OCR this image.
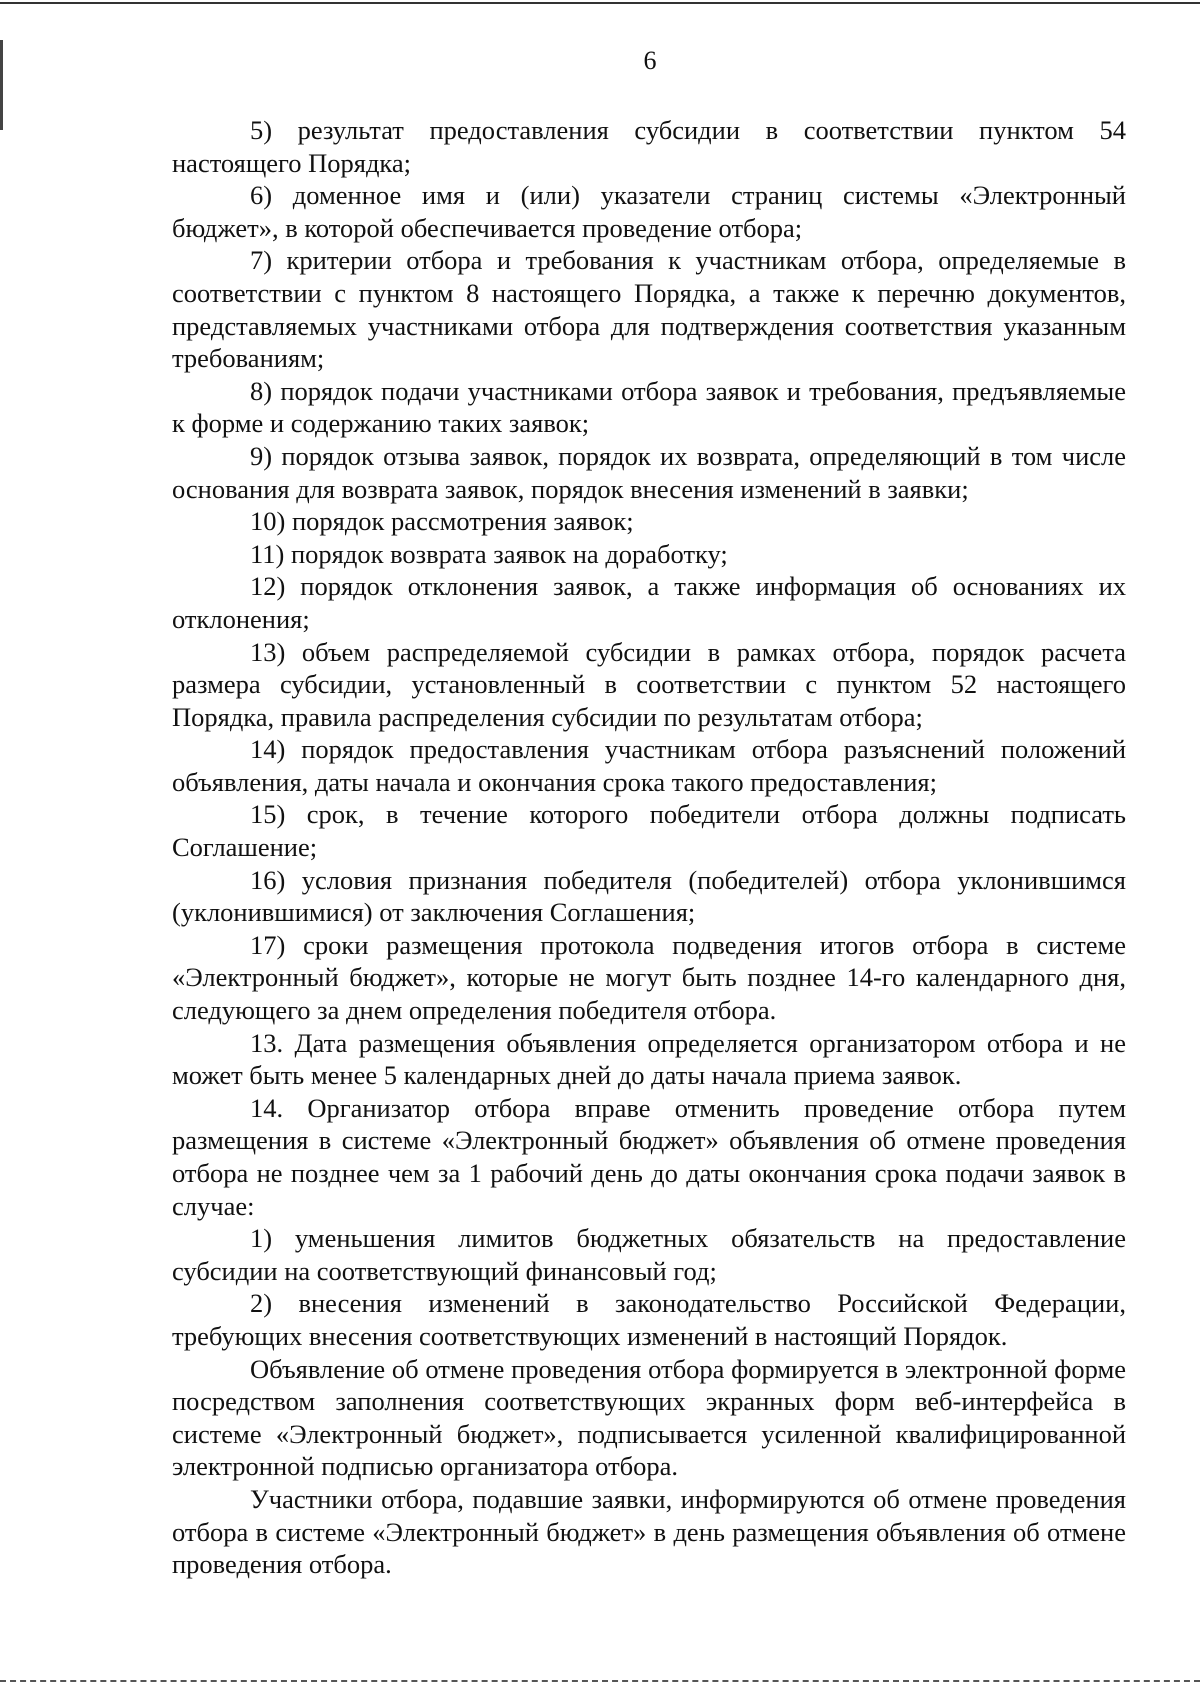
6

5) результат предоставления субсидии в соответствии пунктом 54 настоящего Порядка;

6) доменное имя и (или) указатели страниц системы «Электронный бюджет», в которой обеспечивается проведение отбора;

7) критерии отбора и требования к участникам отбора, определяемые в соответствии с пунктом 8 настоящего Порядка, а также к перечню документов, представляемых участниками отбора для подтверждения соответствия указанным требованиям;

8) порядок подачи участниками отбора заявок и требования, предъявляемые к форме и содержанию таких заявок;

9) порядок отзыва заявок, порядок их возврата, определяющий в том числе основания для возврата заявок, порядок внесения изменений в заявки;

10) порядок рассмотрения заявок;

11) порядок возврата заявок на доработку;

12) порядок отклонения заявок, а также информация об основаниях их отклонения;

13) объем распределяемой субсидии в рамках отбора, порядок расчета размера субсидии, установленный в соответствии с пунктом 52 настоящего Порядка, правила распределения субсидии по результатам отбора;

14) порядок предоставления участникам отбора разъяснений положений объявления, даты начала и окончания срока такого предоставления;

15) срок, в течение которого победители отбора должны подписать Соглашение;

16) условия признания победителя (победителей) отбора уклонившимся (уклонившимися) от заключения Соглашения;

17) сроки размещения протокола подведения итогов отбора в системе «Электронный бюджет», которые не могут быть позднее 14-го календарного дня, следующего за днем определения победителя отбора.

13. Дата размещения объявления определяется организатором отбора и не может быть менее 5 календарных дней до даты начала приема заявок.

14. Организатор отбора вправе отменить проведение отбора путем размещения в системе «Электронный бюджет» объявления об отмене проведения отбора не позднее чем за 1 рабочий день до даты окончания срока подачи заявок в случае:

1) уменьшения лимитов бюджетных обязательств на предоставление субсидии на соответствующий финансовый год;

2) внесения изменений в законодательство Российской Федерации, требующих внесения соответствующих изменений в настоящий Порядок.

Объявление об отмене проведения отбора формируется в электронной форме посредством заполнения соответствующих экранных форм веб-интерфейса в системе «Электронный бюджет», подписывается усиленной квалифицированной электронной подписью организатора отбора.

Участники отбора, подавшие заявки, информируются об отмене проведения отбора в системе «Электронный бюджет» в день размещения объявления об отмене проведения отбора.
